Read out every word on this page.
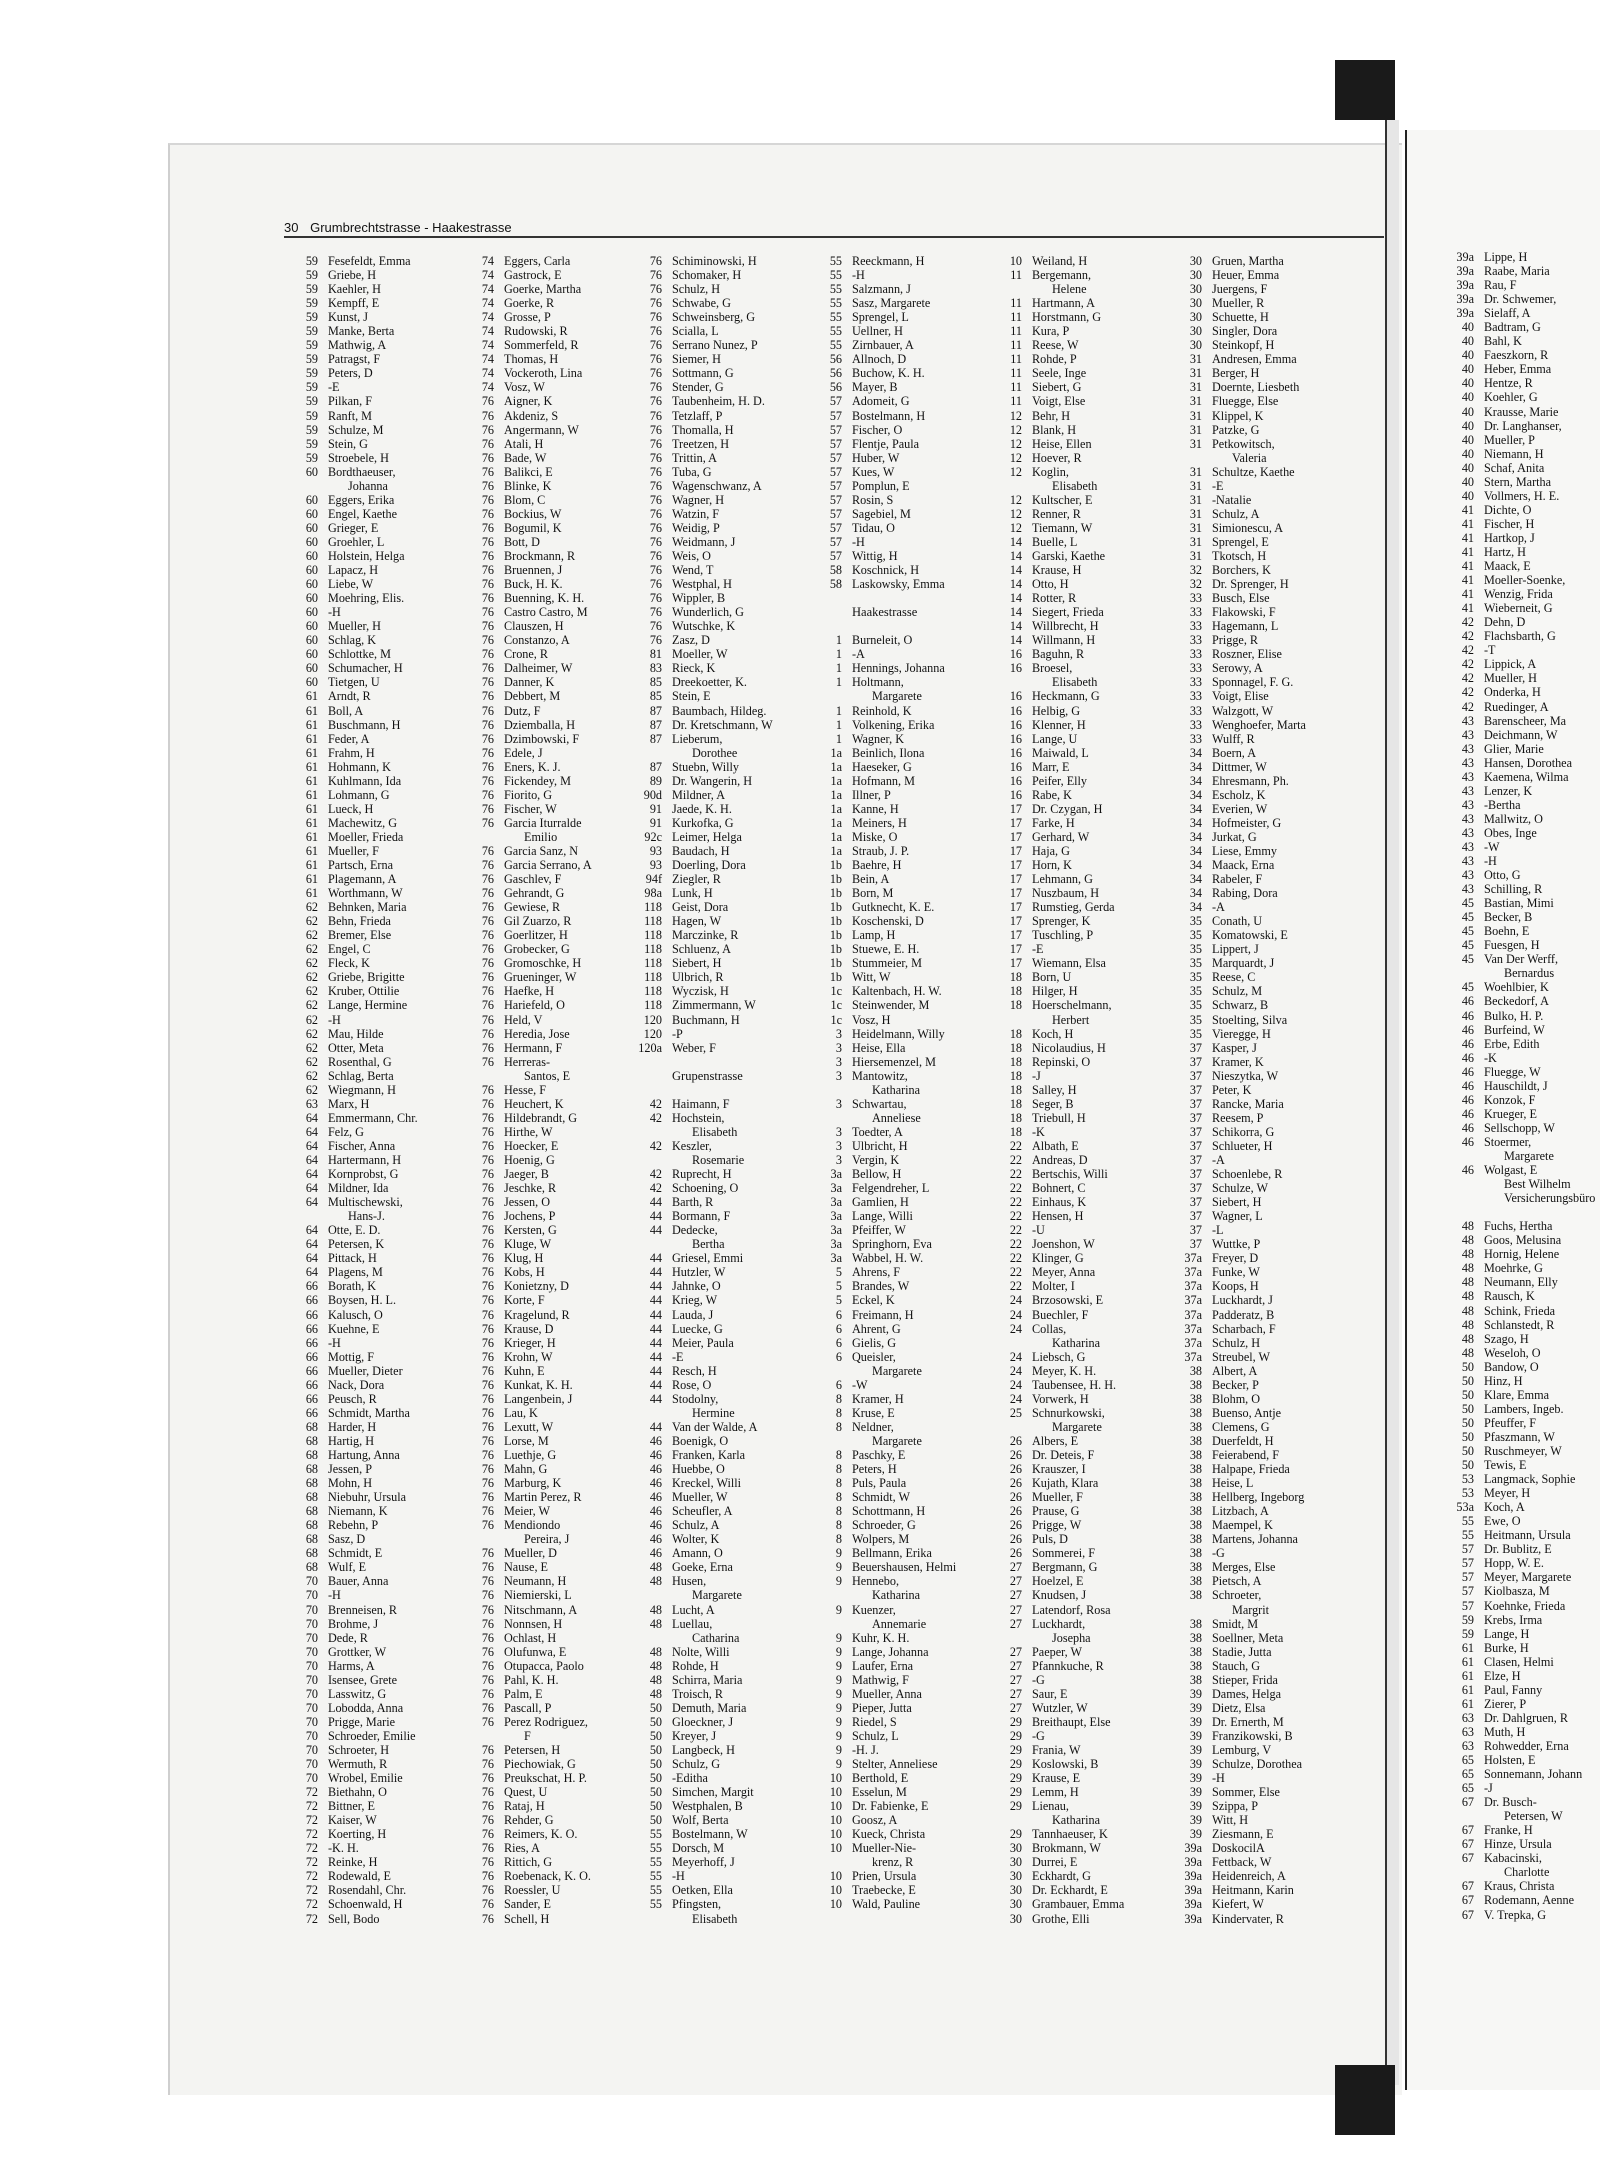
30 Grumbrechtstrasse - Haakestrasse
59 Fesefeldt, Emma
59 Griebe, H
59 Kaehler, H
59 Kempff, E
59 Kunst, J
59 Manke, Berta
59 Mathwig, A
59 Patragst, F
59 Peters, D
59 -E
59 Pilkan, F
59 Ranft, M
59 Schulze, M
59 Stein, G
59 Stroebele, H
60 Bordthaeuser,
Johanna
60 Eggers, Erika
60 Engel, Kaethe
60 Grieger, E
60 Groehler, L
60 Holstein, Helga
60 Lapacz, H
60 Liebe, W
60 Moehring, Elis.
60 -H
60 Mueller, H
60 Schlag, K
60 Schlottke, M
60 Schumacher, H
60 Tietgen, U
61 Arndt, R
61 Boll, A
61 Buschmann, H
61 Feder, A
61 Frahm, H
61 Hohmann, K
61 Kuhlmann, Ida
61 Lohmann, G
61 Lueck, H
61 Machewitz, G
61 Moeller, Frieda
61 Mueller, F
61 Partsch, Erna
61 Plagemann, A
61 Worthmann, W
62 Behnken, Maria
62 Behn, Frieda
62 Bremer, Else
62 Engel, C
62 Fleck, K
62 Griebe, Brigitte
62 Kruber, Ottilie
62 Lange, Hermine
62 -H
62 Mau, Hilde
62 Otter, Meta
62 Rosenthal, G
62 Schlag, Berta
62 Wiegmann, H
63 Marx, H
64 Emmermann, Chr.
64 Felz, G
64 Fischer, Anna
64 Hartermann, H
64 Kornprobst, G
64 Mildner, Ida
64 Multischewski,
Hans-J.
64 Otte, E. D.
64 Petersen, K
64 Pittack, H
64 Plagens, M
66 Borath, K
66 Boysen, H. L.
66 Kalusch, O
66 Kuehne, E
66 -H
66 Mottig, F
66 Mueller, Dieter
66 Nack, Dora
66 Peusch, R
66 Schmidt, Martha
68 Harder, H
68 Hartig, H
68 Hartung, Anna
68 Jessen, P
68 Mohn, H
68 Niebuhr, Ursula
68 Niemann, K
68 Rebehn, P
68 Sasz, D
68 Schmidt, E
68 Wulf, E
70 Bauer, Anna
70 -H
70 Brenneisen, R
70 Brohme, J
70 Dede, R
70 Grottker, W
70 Harms, A
70 Isensee, Grete
70 Lasswitz, G
70 Lobodda, Anna
70 Prigge, Marie
70 Schroeder, Emilie
70 Schroeter, H
70 Wermuth, R
70 Wrobel, Emilie
72 Biethahn, O
72 Bittner, E
72 Kaiser, W
72 Koerting, H
72 -K. H.
72 Reinke, H
72 Rodewald, E
72 Rosendahl, Chr.
72 Schoenwald, H
72 Sell, Bodo
74 Eggers, Carla
74 Gastrock, E
74 Goerke, Martha
74 Goerke, R
74 Grosse, P
74 Rudowski, R
74 Sommerfeld, R
74 Thomas, H
74 Vockeroth, Lina
74 Vosz, W
76 Aigner, K
76 Akdeniz, S
76 Angermann, W
76 Atali, H
76 Bade, W
76 Balikci, E
76 Blinke, K
76 Blom, C
76 Bockius, W
76 Bogumil, K
76 Bott, D
76 Brockmann, R
76 Bruennen, J
76 Buck, H. K.
76 Buenning, K. H.
76 Castro Castro, M
76 Clauszen, H
76 Constanzo, A
76 Crone, R
76 Dalheimer, W
76 Danner, K
76 Debbert, M
76 Dutz, F
76 Dziemballa, H
76 Dzimbowski, F
76 Edele, J
76 Eners, K. J.
76 Fickendey, M
76 Fiorito, G
76 Fischer, W
76 Garcia Iturralde
Emilio
76 Garcia Sanz, N
76 Garcia Serrano, A
76 Gaschlev, F
76 Gehrandt, G
76 Gewiese, R
76 Gil Zuarzo, R
76 Goerlitzer, H
76 Grobecker, G
76 Gromoschke, H
76 Grueninger, W
76 Haefke, H
76 Hariefeld, O
76 Held, V
76 Heredia, Jose
76 Hermann, F
76 Herreras-
Santos, E
76 Hesse, F
76 Heuchert, K
76 Hildebrandt, G
76 Hirthe, W
76 Hoecker, E
76 Hoenig, G
76 Jaeger, B
76 Jeschke, R
76 Jessen, O
76 Jochens, P
76 Kersten, G
76 Kluge, W
76 Klug, H
76 Kobs, H
76 Konietzny, D
76 Korte, F
76 Kragelund, R
76 Krause, D
76 Krieger, H
76 Krohn, W
76 Kuhn, E
76 Kunkat, K. H.
76 Langenbein, J
76 Lau, K
76 Lexutt, W
76 Lorse, M
76 Luethje, G
76 Mahn, G
76 Marburg, K
76 Martin Perez, R
76 Meier, W
76 Mendiondo
Pereira, J
76 Mueller, D
76 Nause, E
76 Neumann, H
76 Niemierski, L
76 Nitschmann, A
76 Nonnsen, H
76 Ochlast, H
76 Olufunwa, E
76 Otupacca, Paolo
76 Pahl, K. H.
76 Palm, E
76 Pascall, P
76 Perez Rodriguez,
F
76 Petersen, H
76 Piechowiak, G
76 Preukschat, H. P.
76 Quest, U
76 Rataj, H
76 Rehder, G
76 Reimers, K. O.
76 Ries, A
76 Rittich, G
76 Roebenack, K. O.
76 Roessler, U
76 Sander, E
76 Schell, H
76 Schiminowski, H
76 Schomaker, H
76 Schulz, H
76 Schwabe, G
76 Schweinsberg, G
76 Scialla, L
76 Serrano Nunez, P
76 Siemer, H
76 Sottmann, G
76 Stender, G
76 Taubenheim, H. D.
76 Tetzlaff, P
76 Thomalla, H
76 Treetzen, H
76 Trittin, A
76 Tuba, G
76 Wagenschwanz, A
76 Wagner, H
76 Watzin, F
76 Weidig, P
76 Weidmann, J
76 Weis, O
76 Wend, T
76 Westphal, H
76 Wippler, B
76 Wunderlich, G
76 Wutschke, K
76 Zasz, D
81 Moeller, W
83 Rieck, K
85 Dreekoetter, K.
85 Stein, E
87 Baumbach, Hildeg.
87 Dr. Kretschmann, W
87 Lieberum,
Dorothee
87 Stuebn, Willy
89 Dr. Wangerin, H
90d Mildner, A
91 Jaede, K. H.
91 Kurkofka, G
92c Leimer, Helga
93 Baudach, H
93 Doerling, Dora
94f Ziegler, R
98a Lunk, H
118 Geist, Dora
118 Hagen, W
118 Marczinke, R
118 Schluenz, A
118 Siebert, H
118 Ulbrich, R
118 Wyczisk, H
118 Zimmermann, W
120 Buchmann, H
120 -P
120a Weber, F
Grupenstrasse
42 Haimann, F
42 Hochstein,
Elisabeth
42 Keszler,
Rosemarie
42 Ruprecht, H
42 Schoening, O
44 Barth, R
44 Bormann, F
44 Dedecke,
Bertha
44 Griesel, Emmi
44 Hutzler, W
44 Jahnke, O
44 Krieg, W
44 Lauda, J
44 Luecke, G
44 Meier, Paula
44 -E
44 Resch, H
44 Rose, O
44 Stodolny,
Hermine
44 Van der Walde, A
46 Boenigk, O
46 Franken, Karla
46 Huebbe, O
46 Kreckel, Willi
46 Mueller, W
46 Scheufler, A
46 Schulz, A
46 Wolter, K
46 Amann, O
48 Goeke, Erna
48 Husen,
Margarete
48 Lucht, A
48 Luellau,
Catharina
48 Nolte, Willi
48 Rohde, H
48 Schirra, Maria
48 Troisch, R
50 Demuth, Maria
50 Gloeckner, J
50 Kreyer, J
50 Langbeck, H
50 Schulz, G
50 -Editha
50 Simchen, Margit
50 Westphalen, B
50 Wolf, Berta
55 Bostelmann, W
55 Dorsch, M
55 Meyerhoff, J
55 -H
55 Oetken, Ella
55 Pfingsten,
Elisabeth
55 Reeckmann, H
55 -H
55 Salzmann, J
55 Sasz, Margarete
55 Sprengel, L
55 Uellner, H
55 Zirnbauer, A
56 Allnoch, D
56 Buchow, K. H.
56 Mayer, B
57 Adomeit, G
57 Bostelmann, H
57 Fischer, O
57 Flentje, Paula
57 Huber, W
57 Kues, W
57 Pomplun, E
57 Rosin, S
57 Sagebiel, M
57 Tidau, O
57 -H
57 Wittig, H
58 Koschnick, H
58 Laskowsky, Emma
Haakestrasse
1 Burneleit, O
1 -A
1 Hennings, Johanna
1 Holtmann,
Margarete
1 Reinhold, K
1 Volkening, Erika
1 Wagner, K
1a Beinlich, Ilona
1a Haeseker, G
1a Hofmann, M
1a Illner, P
1a Kanne, H
1a Meiners, H
1a Miske, O
1a Straub, J. P.
1b Baehre, H
1b Bein, A
1b Born, M
1b Gutknecht, K. E.
1b Koschenski, D
1b Lamp, H
1b Stuewe, E. H.
1b Stummeier, M
1b Witt, W
1c Kaltenbach, H. W.
1c Steinwender, M
1c Vosz, H
3 Heidelmann, Willy
3 Heise, Ella
3 Hiersemenzel, M
3 Mantowitz,
Katharina
3 Schwartau,
Anneliese
3 Toedter, A
3 Ulbricht, H
3 Vergin, K
3a Bellow, H
3a Felgendreher, L
3a Gamlien, H
3a Lange, Willi
3a Pfeiffer, W
3a Springhorn, Eva
3a Wabbel, H. W.
5 Ahrens, F
5 Brandes, W
5 Eckel, K
6 Freimann, H
6 Ahrent, G
6 Gielis, G
6 Queisler,
Margarete
6 -W
8 Kramer, H
8 Kruse, E
8 Neldner,
Margarete
8 Paschky, E
8 Peters, H
8 Puls, Paula
8 Schmidt, W
8 Schottmann, H
8 Schroeder, G
8 Wolpers, M
9 Bellmann, Erika
9 Beuershausen, Helmi
9 Hennebo,
Katharina
9 Kuenzer,
Annemarie
9 Kuhr, K. H.
9 Lange, Johanna
9 Laufer, Erna
9 Mathwig, F
9 Mueller, Anna
9 Pieper, Jutta
9 Riedel, S
9 Schulz, L
9 -H. J.
9 Stelter, Anneliese
10 Berthold, E
10 Esselun, M
10 Dr. Fabienke, E
10 Goosz, A
10 Kueck, Christa
10 Mueller-Nie-
krenz, R
10 Prien, Ursula
10 Traebecke, E
10 Wald, Pauline
10 Weiland, H
11 Bergemann,
Helene
11 Hartmann, A
11 Horstmann, G
11 Kura, P
11 Reese, W
11 Rohde, P
11 Seele, Inge
11 Siebert, G
11 Voigt, Else
12 Behr, H
12 Blank, H
12 Heise, Ellen
12 Hoever, R
12 Koglin,
Elisabeth
12 Kultscher, E
12 Renner, R
12 Tiemann, W
14 Buelle, L
14 Garski, Kaethe
14 Krause, H
14 Otto, H
14 Rotter, R
14 Siegert, Frieda
14 Willbrecht, H
14 Willmann, H
16 Baguhn, R
16 Broesel,
Elisabeth
16 Heckmann, G
16 Helbig, G
16 Klenner, H
16 Lange, U
16 Maiwald, L
16 Marr, E
16 Peifer, Elly
16 Rabe, K
17 Dr. Czygan, H
17 Farke, H
17 Gerhard, W
17 Haja, G
17 Horn, K
17 Lehmann, G
17 Nuszbaum, H
17 Rumstieg, Gerda
17 Sprenger, K
17 Tuschling, P
17 -E
17 Wiemann, Elsa
18 Born, U
18 Hilger, H
18 Hoerschelmann,
Herbert
18 Koch, H
18 Nicolaudius, H
18 Repinski, O
18 -J
18 Salley, H
18 Seger, B
18 Triebull, H
18 -K
22 Albath, E
22 Andreas, D
22 Bertschis, Willi
22 Bohnert, C
22 Einhaus, K
22 Hensen, H
22 -U
22 Joenshon, W
22 Klinger, G
22 Meyer, Anna
22 Molter, I
24 Brzosowski, E
24 Buechler, F
24 Collas,
Katharina
24 Liebsch, G
24 Meyer, K. H.
24 Taubensee, H. H.
24 Vorwerk, H
25 Schnurkowski,
Margarete
26 Albers, E
26 Dr. Deteis, F
26 Krauszer, I
26 Kujath, Klara
26 Mueller, F
26 Prause, G
26 Prigge, W
26 Puls, D
26 Sommerei, F
27 Bergmann, G
27 Hoelzel, E
27 Knudsen, J
27 Latendorf, Rosa
27 Luckhardt,
Josepha
27 Paeper, W
27 Pfannkuche, R
27 -G
27 Saur, E
27 Wutzler, W
29 Breithaupt, Else
29 -G
29 Frania, W
29 Koslowski, B
29 Krause, E
29 Lemm, H
29 Lienau,
Katharina
29 Tannhaeuser, K
30 Brokmann, W
30 Durrei, E
30 Eckhardt, G
30 Dr. Eckhardt, E
30 Grambauer, Emma
30 Grothe, Elli
30 Gruen, Martha
30 Heuer, Emma
30 Juergens, F
30 Mueller, R
30 Schuette, H
30 Singler, Dora
30 Steinkopf, H
31 Andresen, Emma
31 Berger, H
31 Doernte, Liesbeth
31 Fluegge, Else
31 Klippel, K
31 Patzke, G
31 Petkowitsch,
Valeria
31 Schultze, Kaethe
31 -E
31 -Natalie
31 Schulz, A
31 Simionescu, A
31 Sprengel, E
31 Tkotsch, H
32 Borchers, K
32 Dr. Sprenger, H
33 Busch, Else
33 Flakowski, F
33 Hagemann, L
33 Prigge, R
33 Roszner, Elise
33 Serowy, A
33 Sponnagel, F. G.
33 Voigt, Elise
33 Walzgott, W
33 Wenghoefer, Marta
33 Wulff, R
34 Boern, A
34 Dittmer, W
34 Ehresmann, Ph.
34 Escholz, K
34 Everien, W
34 Hofmeister, G
34 Jurkat, G
34 Liese, Emmy
34 Maack, Erna
34 Rabeler, F
34 Rabing, Dora
34 -A
35 Conath, U
35 Komatowski, E
35 Lippert, J
35 Marquardt, J
35 Reese, C
35 Schulz, M
35 Schwarz, B
35 Stoelting, Silva
35 Vieregge, H
37 Kasper, J
37 Kramer, K
37 Nieszytka, W
37 Peter, K
37 Rancke, Maria
37 Reesem, P
37 Schikorra, G
37 Schlueter, H
37 -A
37 Schoenlebe, R
37 Schulze, W
37 Siebert, H
37 Wagner, L
37 -L
37 Wuttke, P
37a Freyer, D
37a Funke, W
37a Koops, H
37a Luckhardt, J
37a Padderatz, B
37a Scharbach, F
37a Schulz, H
37a Streubel, W
38 Albert, A
38 Becker, P
38 Blohm, O
38 Buenso, Antje
38 Clemens, G
38 Duerfeldt, H
38 Feierabend, F
38 Halpape, Frieda
38 Heise, L
38 Hellberg, Ingeborg
38 Litzbach, A
38 Maempel, K
38 Martens, Johanna
38 -G
38 Merges, Else
38 Pietsch, A
38 Schroeter,
Margrit
38 Smidt, M
38 Soellner, Meta
38 Stadie, Jutta
38 Stauch, G
38 Stieper, Frida
39 Dames, Helga
39 Dietz, Elsa
39 Dr. Ernerth, M
39 Franzikowski, B
39 Lemburg, V
39 Schulze, Dorothea
39 -H
39 Sommer, Else
39 Szippa, P
39 Witt, H
39 Ziesmann, E
39a DoskocilA
39a Fettback, W
39a Heidenreich, A
39a Heitmann, Karin
39a Kiefert, W
39a Kindervater, R
39a Lippe, H
39a Raabe, Maria
39a Rau, F
39a Dr. Schwemer,
39a Sielaff, A
40 Badtram, G
40 Bahl, K
40 Faeszkorn, R
40 Heber, Emma
40 Hentze, R
40 Koehler, G
40 Krausse, Marie
40 Dr. Langhanser,
40 Mueller, P
40 Niemann, H
40 Schaf, Anita
40 Stern, Martha
40 Vollmers, H. E.
41 Dichte, O
41 Fischer, H
41 Hartkop, J
41 Hartz, H
41 Maack, E
41 Moeller-Soenke,
41 Wenzig, Frida
41 Wieberneit, G
42 Dehn, D
42 Flachsbarth, G
42 -T
42 Lippick, A
42 Mueller, H
42 Onderka, H
42 Ruedinger, A
43 Barenscheer, Ma
43 Deichmann, W
43 Glier, Marie
43 Hansen, Dorothea
43 Kaemena, Wilma
43 Lenzer, K
43 -Bertha
43 Mallwitz, O
43 Obes, Inge
43 -W
43 -H
43 Otto, G
43 Schilling, R
45 Bastian, Mimi
45 Becker, B
45 Boehn, E
45 Fuesgen, H
45 Van Der Werff,
Bernardus
45 Woehlbier, K
46 Beckedorf, A
46 Bulko, H. P.
46 Burfeind, W
46 Erbe, Edith
46 -K
46 Fluegge, W
46 Hauschildt, J
46 Konzok, F
46 Krueger, E
46 Sellschopp, W
46 Stoermer,
Margarete
46 Wolgast, E
Best Wilhelm
Versicherungsbüro
48 Fuchs, Hertha
48 Goos, Melusina
48 Hornig, Helene
48 Moehrke, G
48 Neumann, Elly
48 Rausch, K
48 Schink, Frieda
48 Schlanstedt, R
48 Szago, H
48 Weseloh, O
50 Bandow, O
50 Hinz, H
50 Klare, Emma
50 Lambers, Ingeb.
50 Pfeuffer, F
50 Pfaszmann, W
50 Ruschmeyer, W
50 Tewis, E
53 Langmack, Sophie
53 Meyer, H
53a Koch, A
55 Ewe, O
55 Heitmann, Ursula
57 Dr. Bublitz, E
57 Hopp, W. E.
57 Meyer, Margarete
57 Kiolbasza, M
57 Koehnke, Frieda
59 Krebs, Irma
59 Lange, H
61 Burke, H
61 Clasen, Helmi
61 Elze, H
61 Paul, Fanny
61 Zierer, P
63 Dr. Dahlgruen, R
63 Muth, H
63 Rohwedder, Erna
65 Holsten, E
65 Sonnemann, Johann
65 -J
67 Dr. Busch-
Petersen, W
67 Franke, H
67 Hinze, Ursula
67 Kabacinski,
Charlotte
67 Kraus, Christa
67 Rodemann, Aenne
67 V. Trepka, G
